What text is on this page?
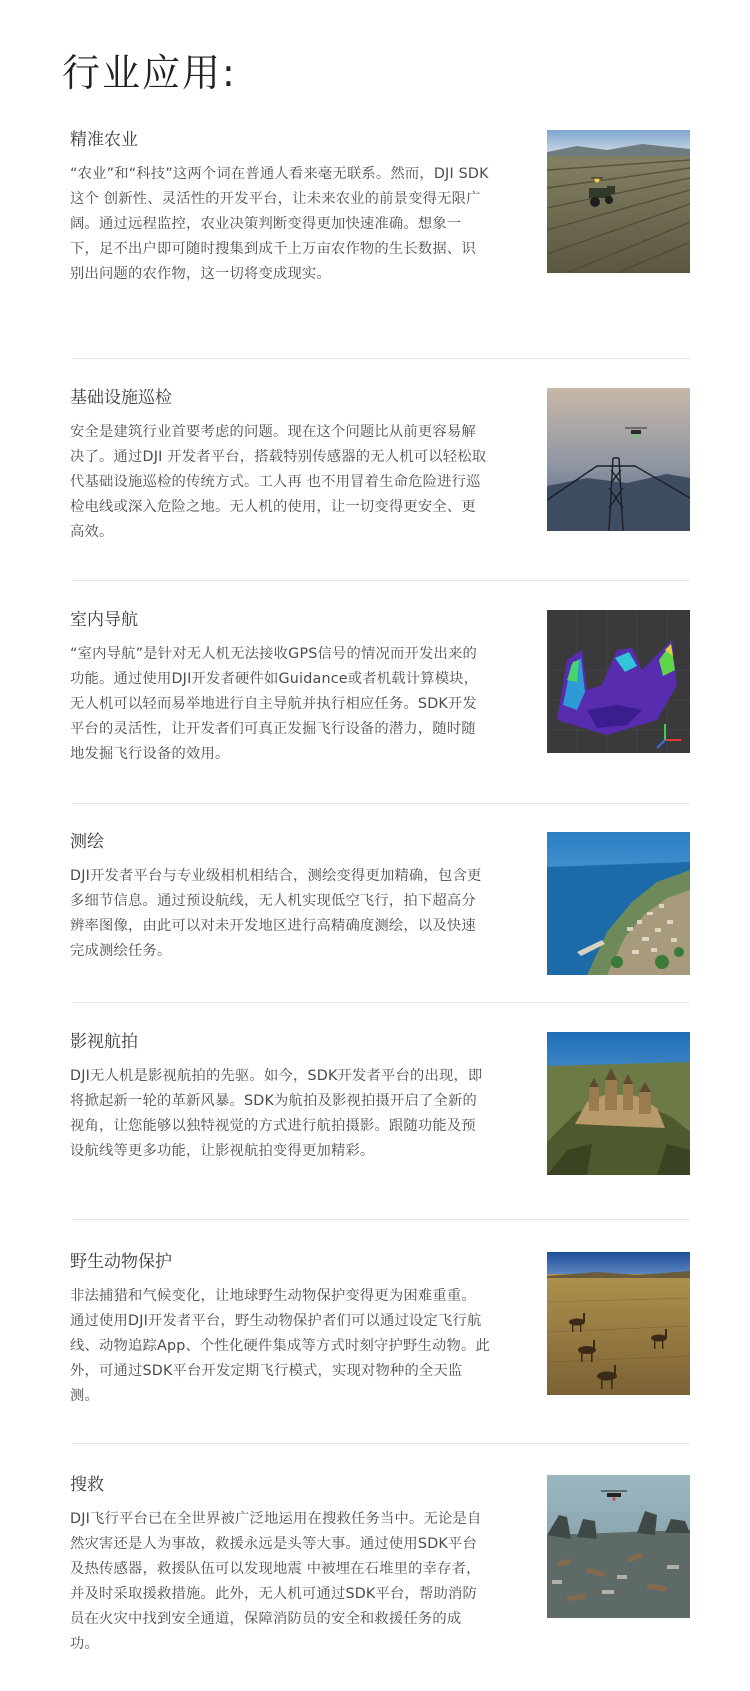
行业应用:
精准农业
“农业”和“科技”这两个词在普通人看来毫无联系。然而，DJI SDK这个 创新性、灵活性的开发平台，让未来农业的前景变得无限广阔。通过远程监控，农业决策判断变得更加快速准确。想象一下，足不出户即可随时搜集到成千上万亩农作物的生长数据、识别出问题的农作物，这一切将变成现实。
基础设施巡检
安全是建筑行业首要考虑的问题。现在这个问题比从前更容易解决了。通过DJI 开发者平台，搭载特别传感器的无人机可以轻松取代基础设施巡检的传统方式。工人再 也不用冒着生命危险进行巡检电线或深入危险之地。无人机的使用，让一切变得更安全、更高效。
室内导航
“室内导航”是针对无人机无法接收GPS信号的情况而开发出来的功能。通过使用DJI开发者硬件如Guidance或者机载计算模块，无人机可以轻而易举地进行自主导航并执行相应任务。SDK开发平台的灵活性，让开发者们可真正发掘飞行设备的潜力，随时随地发掘飞行设备的效用。
测绘
DJI开发者平台与专业级相机相结合，测绘变得更加精确，包含更多细节信息。通过预设航线，无人机实现低空飞行，拍下超高分辨率图像，由此可以对未开发地区进行高精确度测绘，以及快速完成测绘任务。
影视航拍
DJI无人机是影视航拍的先驱。如今，SDK开发者平台的出现，即将掀起新一轮的革新风暴。SDK为航拍及影视拍摄开启了全新的视角，让您能够以独特视觉的方式进行航拍摄影。跟随功能及预设航线等更多功能，让影视航拍变得更加精彩。
野生动物保护
非法捕猎和气候变化，让地球野生动物保护变得更为困难重重。通过使用DJI开发者平台，野生动物保护者们可以通过设定飞行航线、动物追踪App、个性化硬件集成等方式时刻守护野生动物。此外，可通过SDK平台开发定期飞行模式，实现对物种的全天监测。
搜救
DJI飞行平台已在全世界被广泛地运用在搜救任务当中。无论是自然灾害还是人为事故，救援永远是头等大事。通过使用SDK平台及热传感器，救援队伍可以发现地震 中被埋在石堆里的幸存者，并及时采取援救措施。此外，无人机可通过SDK平台，帮助消防员在火灾中找到安全通道，保障消防员的安全和救援任务的成功。
